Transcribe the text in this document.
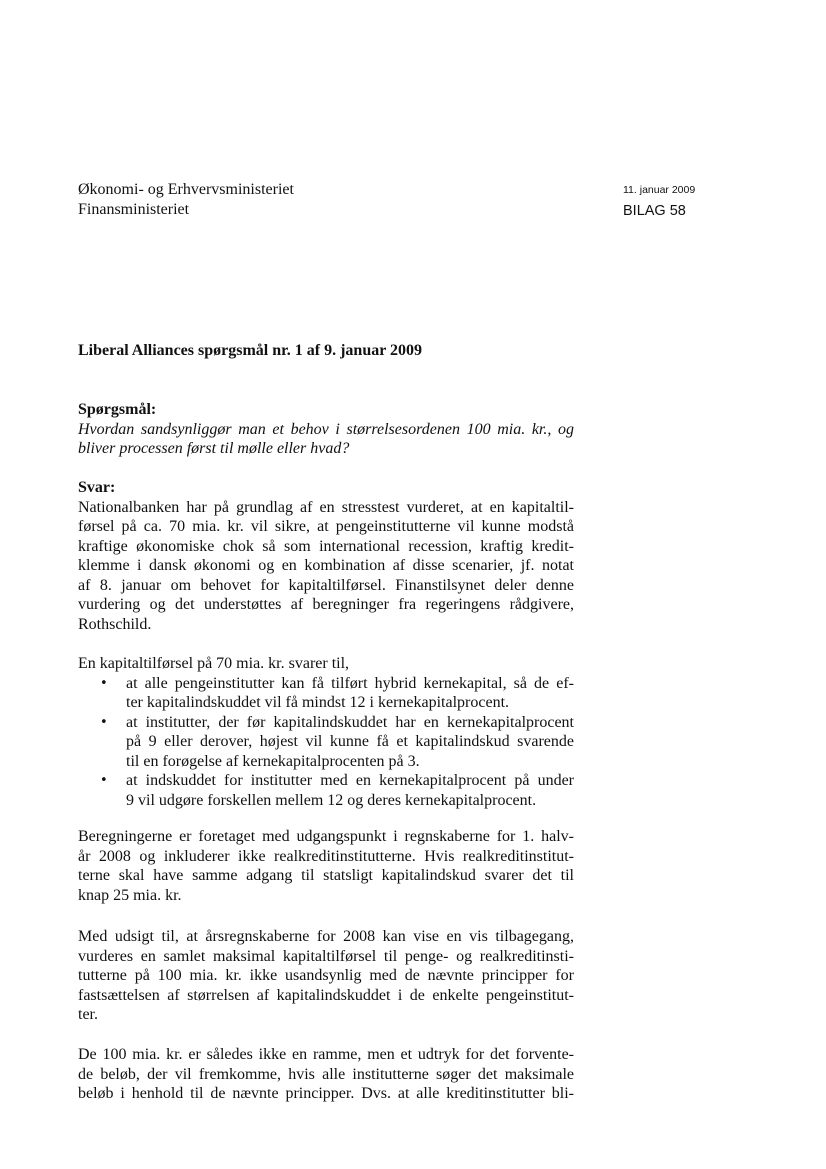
Økonomi- og Erhvervsministeriet
Finansministeriet
11. januar 2009
BILAG 58
Liberal Alliances spørgsmål nr. 1 af 9. januar 2009
Spørgsmål:
Hvordan sandsynliggør man et behov i størrelsesordenen 100 mia. kr., og
bliver processen først til mølle eller hvad?
Svar:
Nationalbanken har på grundlag af en stresstest vurderet, at en kapitaltil-
førsel på ca. 70 mia. kr. vil sikre, at pengeinstitutterne vil kunne modstå
kraftige økonomiske chok så som international recession, kraftig kredit-
klemme i dansk økonomi og en kombination af disse scenarier, jf. notat
af 8. januar om behovet for kapitaltilførsel. Finanstilsynet deler denne
vurdering og det understøttes af beregninger fra regeringens rådgivere,
Rothschild.
En kapitaltilførsel på 70 mia. kr. svarer til,
• at alle pengeinstitutter kan få tilført hybrid kernekapital, så de ef-
ter kapitalindskuddet vil få mindst 12 i kernekapitalprocent.
• at institutter, der før kapitalindskuddet har en kernekapitalprocent
på 9 eller derover, højest vil kunne få et kapitalindskud svarende
til en forøgelse af kernekapitalprocenten på 3.
• at indskuddet for institutter med en kernekapitalprocent på under
9 vil udgøre forskellen mellem 12 og deres kernekapitalprocent.
Beregningerne er foretaget med udgangspunkt i regnskaberne for 1. halv-
år 2008 og inkluderer ikke realkreditinstitutterne. Hvis realkreditinstitut-
terne skal have samme adgang til statsligt kapitalindskud svarer det til
knap 25 mia. kr.
Med udsigt til, at årsregnskaberne for 2008 kan vise en vis tilbagegang,
vurderes en samlet maksimal kapitaltilførsel til penge- og realkreditinsti-
tutterne på 100 mia. kr. ikke usandsynlig med de nævnte principper for
fastsættelsen af størrelsen af kapitalindskuddet i de enkelte pengeinstitut-
ter.
De 100 mia. kr. er således ikke en ramme, men et udtryk for det forvente-
de beløb, der vil fremkomme, hvis alle institutterne søger det maksimale
beløb i henhold til de nævnte principper. Dvs. at alle kreditinstitutter bli-
